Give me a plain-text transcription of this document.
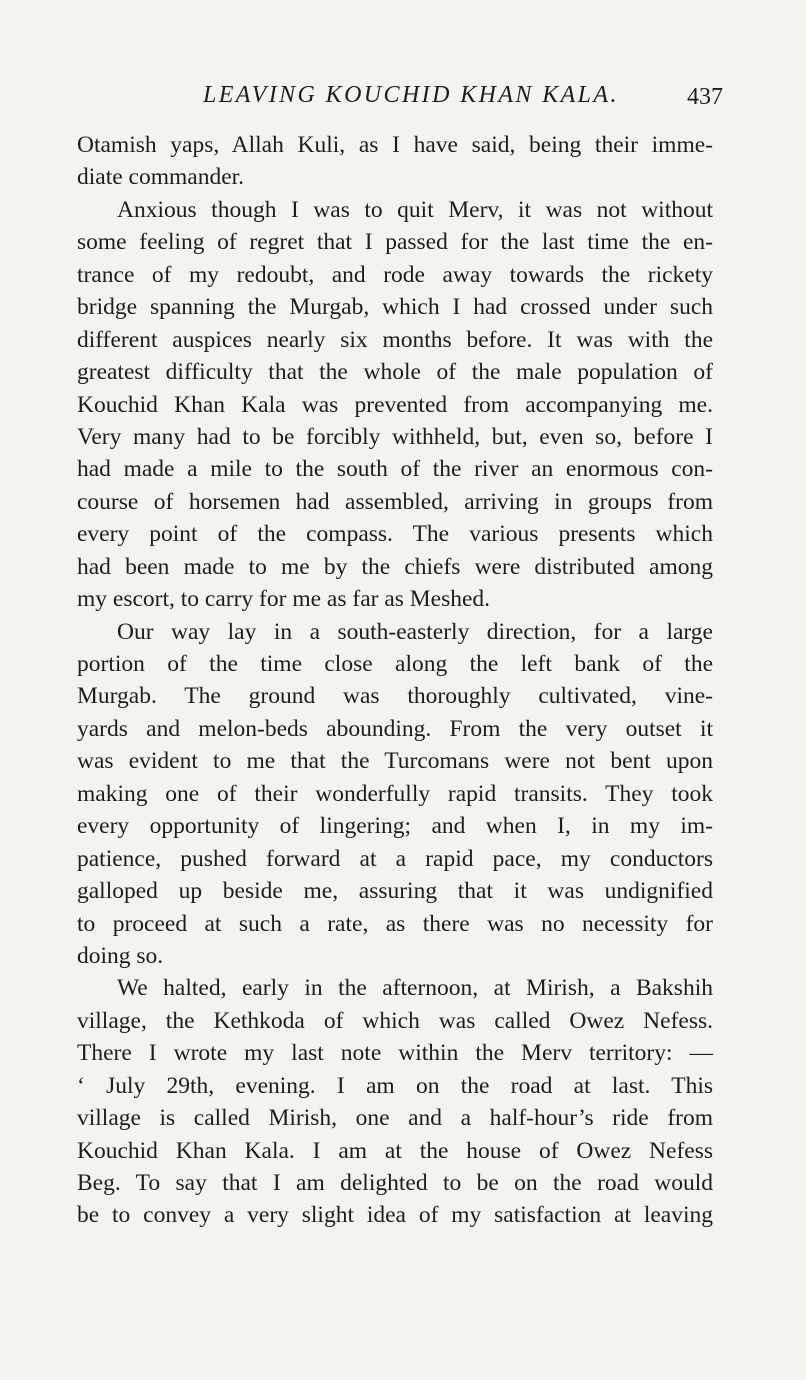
LEAVING KOUCHID KHAN KALA.	437
Otamish yaps, Allah Kuli, as I have said, being their imme-
diate commander.
Anxious though I was to quit Merv, it was not without
some feeling of regret that I passed for the last time the en-
trance of my redoubt, and rode away towards the rickety
bridge spanning the Murgab, which I had crossed under such
different auspices nearly six months before. It was with the
greatest difficulty that the whole of the male population of
Kouchid Khan Kala was prevented from accompanying me.
Very many had to be forcibly withheld, but, even so, before I
had made a mile to the south of the river an enormous con-
course of horsemen had assembled, arriving in groups from
every point of the compass. The various presents which
had been made to me by the chiefs were distributed among
my escort, to carry for me as far as Meshed.
Our way lay in a south-easterly direction, for a large
portion of the time close along the left bank of the
Murgab. The ground was thoroughly cultivated, vine-
yards and melon-beds abounding. From the very outset it
was evident to me that the Turcomans were not bent upon
making one of their wonderfully rapid transits. They took
every opportunity of lingering; and when I, in my im-
patience, pushed forward at a rapid pace, my conductors
galloped up beside me, assuring that it was undignified
to proceed at such a rate, as there was no necessity for
doing so.
We halted, early in the afternoon, at Mirish, a Bakshih
village, the Kethkoda of which was called Owez Nefess.
There I wrote my last note within the Merv territory: —
‘ July 29th, evening. I am on the road at last. This
village is called Mirish, one and a half-hour’s ride from
Kouchid Khan Kala. I am at the house of Owez Nefess
Beg. To say that I am delighted to be on the road would
be to convey a very slight idea of my satisfaction at leaving
